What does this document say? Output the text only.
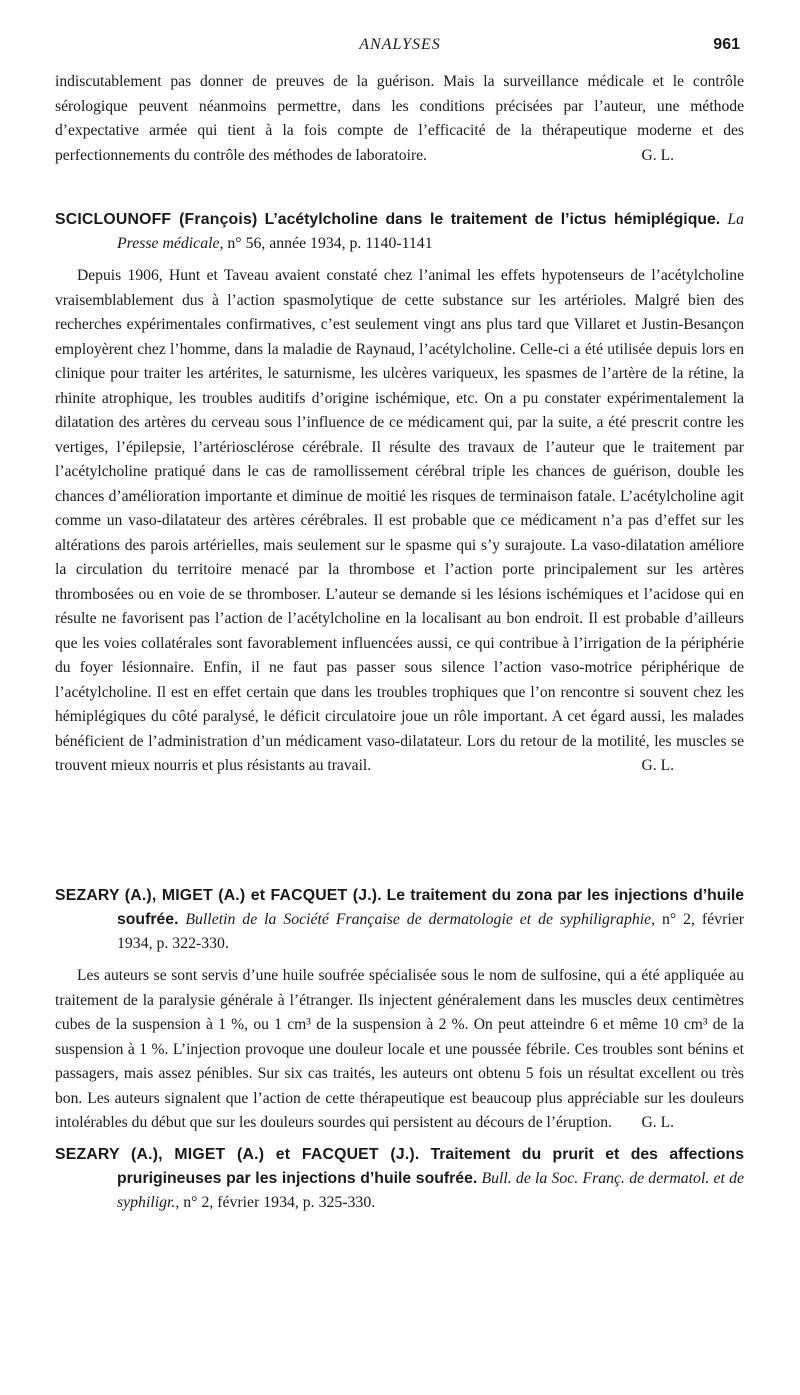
ANALYSES	961

indiscutablement pas donner de preuves de la guérison. Mais la surveillance médicale et le contrôle sérologique peuvent néanmoins permettre, dans les conditions précisées par l’auteur, une méthode d’expectative armée qui tient à la fois compte de l’efficacité de la thérapeutique moderne et des perfectionnements du contrôle des méthodes de laboratoire.	G. L.

SCICLOUNOFF (François) L’acétylcholine dans le traitement de l’ictus hémiplégique. La Presse médicale, n° 56, année 1934, p. 1140-1141

Depuis 1906, Hunt et Taveau avaient constaté chez l’animal les effets hypotenseurs de l’acétylcholine vraisemblablement dus à l’action spasmolytique de cette substance sur les artérioles. Malgré bien des recherches expérimentales confirmatives, c’est seulement vingt ans plus tard que Villaret et Justin-Besançon employèrent chez l’homme, dans la maladie de Raynaud, l’acétylcholine. Celle-ci a été utilisée depuis lors en clinique pour traiter les artérites, le saturnisme, les ulcères variqueux, les spasmes de l’artère de la rétine, la rhinite atrophique, les troubles auditifs d’origine ischémique, etc. On a pu constater expérimentalement la dilatation des artères du cerveau sous l’influence de ce médicament qui, par la suite, a été prescrit contre les vertiges, l’épilepsie, l’artériosclérose cérébrale. Il résulte des travaux de l’auteur que le traitement par l’acétylcholine pratiqué dans le cas de ramollissement cérébral triple les chances de guérison, double les chances d’amélioration importante et diminue de moitié les risques de terminaison fatale. L’acétylcholine agit comme un vaso-dilatateur des artères cérébrales. Il est probable que ce médicament n’a pas d’effet sur les altérations des parois artérielles, mais seulement sur le spasme qui s’y surajoute. La vaso-dilatation améliore la circulation du territoire menacé par la thrombose et l’action porte principalement sur les artères thrombosées ou en voie de se thromboser. L’auteur se demande si les lésions ischémiques et l’acidose qui en résulte ne favorisent pas l’action de l’acétylcholine en la localisant au bon endroit. Il est probable d’ailleurs que les voies collatérales sont favorablement influencées aussi, ce qui contribue à l’irrigation de la périphérie du foyer lésionnaire. Enfin, il ne faut pas passer sous silence l’action vaso-motrice périphérique de l’acétylcholine. Il est en effet certain que dans les troubles trophiques que l’on rencontre si souvent chez les hémiplégiques du côté paralysé, le déficit circulatoire joue un rôle important. A cet égard aussi, les malades bénéficient de l’administration d’un médicament vaso-dilatateur. Lors du retour de la motilité, les muscles se trouvent mieux nourris et plus résistants au travail.	G. L.

SEZARY (A.), MIGET (A.) et FACQUET (J.). Le traitement du zona par les injections d’huile soufrée. Bulletin de la Société Française de dermatologie et de syphiligraphie, n° 2, février 1934, p. 322-330.

Les auteurs se sont servis d’une huile soufrée spécialisée sous le nom de sulfosine, qui a été appliquée au traitement de la paralysie générale à l’étranger. Ils injectent généralement dans les muscles deux centimètres cubes de la suspension à 1 %, ou 1 cm³ de la suspension à 2 %. On peut atteindre 6 et même 10 cm³ de la suspension à 1 %. L’injection provoque une douleur locale et une poussée fébrile. Ces troubles sont bénins et passagers, mais assez pénibles. Sur six cas traités, les auteurs ont obtenu 5 fois un résultat excellent ou très bon. Les auteurs signalent que l’action de cette thérapeutique est beaucoup plus appréciable sur les douleurs intolérables du début que sur les douleurs sourdes qui persistent au décours de l’éruption.	G. L.

SEZARY (A.), MIGET (A.) et FACQUET (J.). Traitement du prurit et des affections prurigineuses par les injections d’huile soufrée. Bull. de la Soc. Franç. de dermatol. et de syphiligr., n° 2, février 1934, p. 325-330.
